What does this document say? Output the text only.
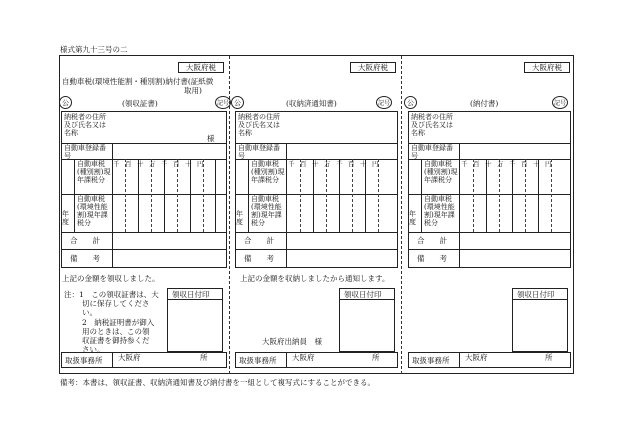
様式第九十三号の二
大阪府税	大阪府税	大阪府税
自動車税(環境性能割・種別割)納付書(証紙徴
取用)
公	(領収証書)	記号
納税者の住所及び氏名又は名称
様
自動車登録番号
自動車税(種別割)現年課税分
自動車税(環境性能割)現年課税分
年度
合　　計
備　　考
千百十万千百十円
上記の金額を領収しました。
注：1　この領収証書は、大
切に保存してくださ
い。
2　納税証明書が御入
用のときは、この領
収証書を御持参くだ
さい。
領収日付印
取扱事務所 大阪府	所
公	(収納済通知書)	記号
納税者の住所及び氏名又は名称
自動車登録番号
自動車税(種別割)現年課税分
自動車税(環境性能割)現年課税分
年度
合　　計
備　　考
千百十万千百十円
上記の金額を収納しましたから通知します。
領収日付印
大阪府出納員　様
取扱事務所 大阪府	所
公	(納付書)	記号
納税者の住所及び氏名又は名称
自動車登録番号
自動車税(種別割)現年課税分
自動車税(環境性能割)現年課税分
年度
合　　計
備　　考
千百十万千百十円
領収日付印
取扱事務所 大阪府	所
備考：本書は、領収証書、収納済通知書及び納付書を一組として複写式にすることができる。
